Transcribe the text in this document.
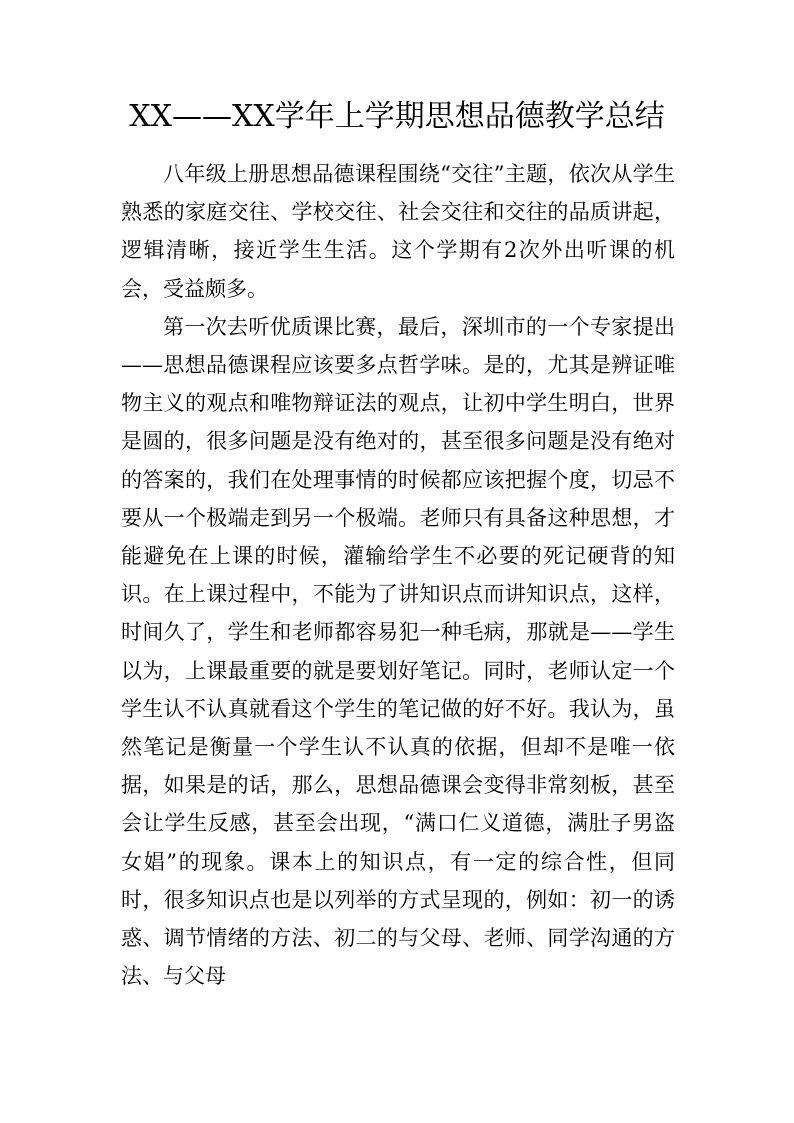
XX——XX学年上学期思想品德教学总结

八年级上册思想品德课程围绕“交往”主题，依次从学生熟悉的家庭交往、学校交往、社会交往和交往的品质讲起，逻辑清晰，接近学生生活。这个学期有2次外出听课的机会，受益颇多。

第一次去听优质课比赛，最后，深圳市的一个专家提出——思想品德课程应该要多点哲学味。是的，尤其是辨证唯物主义的观点和唯物辩证法的观点，让初中学生明白，世界是圆的，很多问题是没有绝对的，甚至很多问题是没有绝对的答案的，我们在处理事情的时候都应该把握个度，切忌不要从一个极端走到另一个极端。老师只有具备这种思想，才能避免在上课的时候，灌输给学生不必要的死记硬背的知识。在上课过程中，不能为了讲知识点而讲知识点，这样，时间久了，学生和老师都容易犯一种毛病，那就是——学生以为，上课最重要的就是要划好笔记。同时，老师认定一个学生认不认真就看这个学生的笔记做的好不好。我认为，虽然笔记是衡量一个学生认不认真的依据，但却不是唯一依据，如果是的话，那么，思想品德课会变得非常刻板，甚至会让学生反感，甚至会出现，“满口仁义道德，满肚子男盗女娼”的现象。课本上的知识点，有一定的综合性，但同时，很多知识点也是以列举的方式呈现的，例如：初一的诱惑、调节情绪的方法、初二的与父母、老师、同学沟通的方法、与父母
